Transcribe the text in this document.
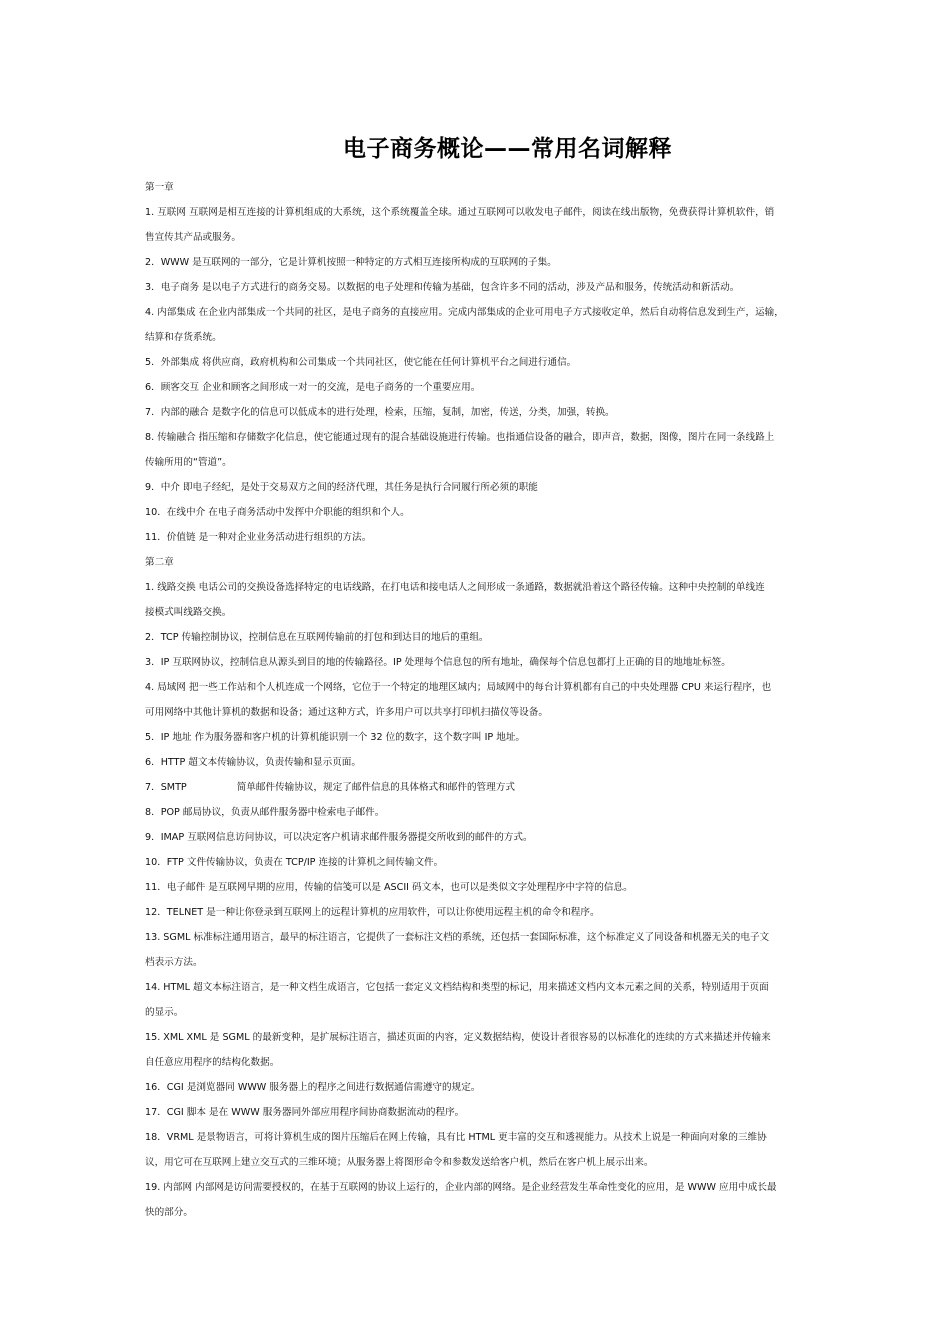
电子商务概论——常用名词解释

第一章

1. 互联网 互联网是相互连接的计算机组成的大系统，这个系统覆盖全球。通过互联网可以收发电子邮件，阅读在线出版物，免费获得计算机软件，销

售宣传其产品或服务。

2．WWW 是互联网的一部分，它是计算机按照一种特定的方式相互连接所构成的互联网的子集。

3．电子商务 是以电子方式进行的商务交易。以数据的电子处理和传输为基础，包含许多不同的活动，涉及产品和服务，传统活动和新活动。

4. 内部集成 在企业内部集成一个共同的社区，是电子商务的直接应用。完成内部集成的企业可用电子方式接收定单，然后自动将信息发到生产，运输，

结算和存货系统。

5．外部集成 将供应商，政府机构和公司集成一个共同社区，使它能在任何计算机平台之间进行通信。

6．顾客交互 企业和顾客之间形成一对一的交流，是电子商务的一个重要应用。

7．内部的融合 是数字化的信息可以低成本的进行处理，检索，压缩，复制，加密，传送，分类，加强，转换。

8. 传输融合 指压缩和存储数字化信息，使它能通过现有的混合基础设施进行传输。也指通信设备的融合，即声音，数据，图像，图片在同一条线路上

传输所用的“管道”。

9．中介 即电子经纪，是处于交易双方之间的经济代理，其任务是执行合同履行所必须的职能

10．在线中介 在电子商务活动中发挥中介职能的组织和个人。

11．价值链 是一种对企业业务活动进行组织的方法。

第二章

1. 线路交换 电话公司的交换设备选择特定的电话线路，在打电话和接电话人之间形成一条通路，数据就沿着这个路径传输。这种中央控制的单线连

接模式叫线路交换。

2．TCP 传输控制协议，控制信息在互联网传输前的打包和到达目的地后的重组。

3．IP 互联网协议，控制信息从源头到目的地的传输路径。IP 处理每个信息包的所有地址，确保每个信息包都打上正确的目的地地址标签。

4. 局域网 把一些工作站和个人机连成一个网络，它位于一个特定的地理区域内；局域网中的每台计算机都有自己的中央处理器 CPU 来运行程序，也

可用网络中其他计算机的数据和设备；通过这种方式，许多用户可以共享打印机扫描仪等设备。

5．IP 地址 作为服务器和客户机的计算机能识别一个 32 位的数字，这个数字叫 IP 地址。

6．HTTP 超文本传输协议，负责传输和显示页面。

7．SMTP	简单邮件传输协议，规定了邮件信息的具体格式和邮件的管理方式

8．POP 邮局协议，负责从邮件服务器中检索电子邮件。

9．IMAP 互联网信息访问协议，可以决定客户机请求邮件服务器提交所收到的邮件的方式。

10．FTP 文件传输协议，负责在 TCP/IP 连接的计算机之间传输文件。

11．电子邮件 是互联网早期的应用，传输的信笺可以是 ASCII 码文本，也可以是类似文字处理程序中字符的信息。

12．TELNET 是一种让你登录到互联网上的远程计算机的应用软件，可以让你使用远程主机的命令和程序。

13. SGML 标准标注通用语言，最早的标注语言，它提供了一套标注文档的系统，还包括一套国际标准，这个标准定义了同设备和机器无关的电子文

档表示方法。

14. HTML 超文本标注语言，是一种文档生成语言，它包括一套定义文档结构和类型的标记，用来描述文档内文本元素之间的关系，特别适用于页面

的显示。

15. XML XML 是 SGML 的最新变种，是扩展标注语言，描述页面的内容，定义数据结构，使设计者很容易的以标准化的连续的方式来描述并传输来

自任意应用程序的结构化数据。

16．CGI 是浏览器同 WWW 服务器上的程序之间进行数据通信需遵守的规定。

17．CGI 脚本 是在 WWW 服务器同外部应用程序间协商数据流动的程序。

18．VRML 是景物语言，可将计算机生成的图片压缩后在网上传输，具有比 HTML 更丰富的交互和透视能力。从技术上说是一种面向对象的三维协

议，用它可在互联网上建立交互式的三维环境；从服务器上将图形命令和参数发送给客户机，然后在客户机上展示出来。

19. 内部网 内部网是访问需要授权的，在基于互联网的协议上运行的，企业内部的网络。是企业经营发生革命性变化的应用，是 WWW 应用中成长最

快的部分。
